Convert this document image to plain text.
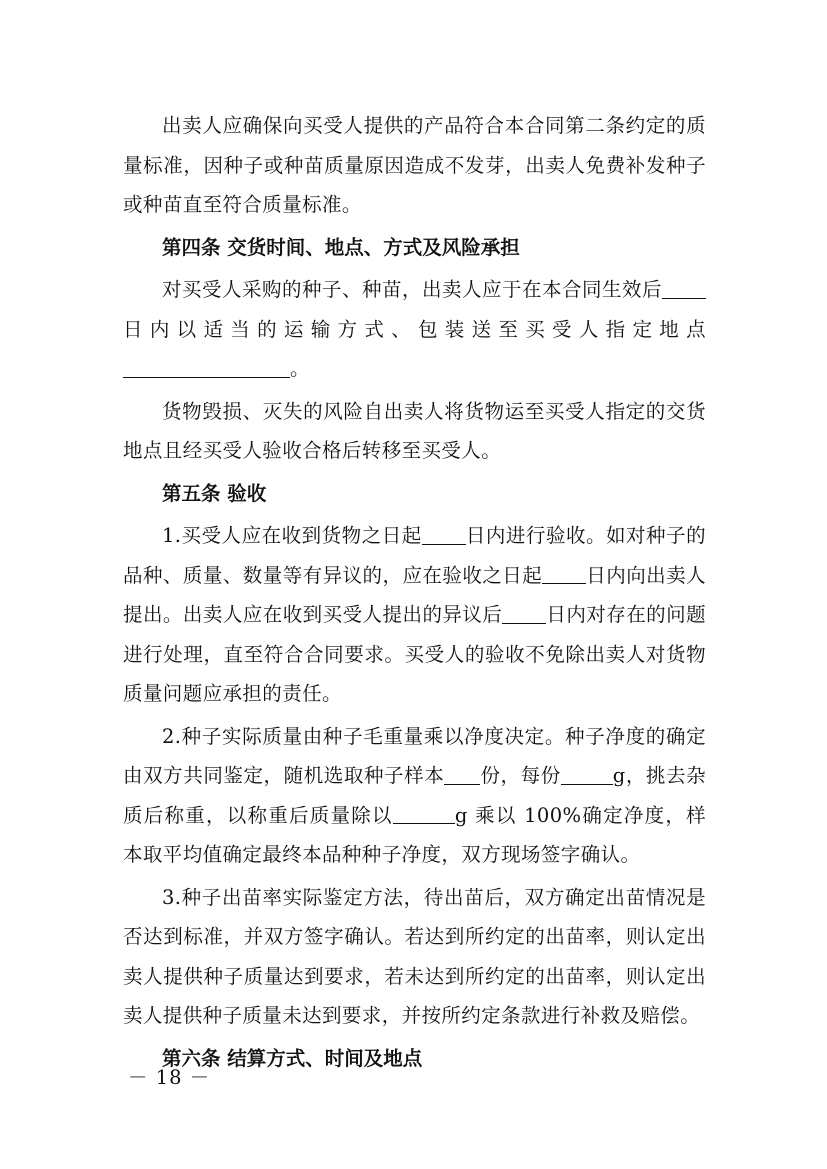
出卖人应确保向买受人提供的产品符合本合同第二条约定的质量标准，因种子或种苗质量原因造成不发芽，出卖人免费补发种子或种苗直至符合质量标准。

第四条 交货时间、地点、方式及风险承担

对买受人采购的种子、种苗，出卖人应于在本合同生效后日内以适当的运输方式、包装送至买受人指定地点。

货物毁损、灭失的风险自出卖人将货物运至买受人指定的交货地点且经买受人验收合格后转移至买受人。

第五条 验收

1.买受人应在收到货物之日起 日内进行验收。如对种子的品种、质量、数量等有异议的，应在验收之日起 日内向出卖人提出。出卖人应在收到买受人提出的异议后 日内对存在的问题进行处理，直至符合合同要求。买受人的验收不免除出卖人对货物质量问题应承担的责任。

2.种子实际质量由种子毛重量乘以净度决定。种子净度的确定由双方共同鉴定，随机选取种子样本 份，每份	g，挑去杂质后称重，以称重后质量除以	g 乘以 100%确定净度，样本取平均值确定最终本品种种子净度，双方现场签字确认。

3.种子出苗率实际鉴定方法，待出苗后，双方确定出苗情况是否达到标准，并双方签字确认。若达到所约定的出苗率，则认定出卖人提供种子质量达到要求，若未达到所约定的出苗率，则认定出卖人提供种子质量未达到要求，并按所约定条款进行补救及赔偿。

第六条 结算方式、时间及地点

－ 18 －
